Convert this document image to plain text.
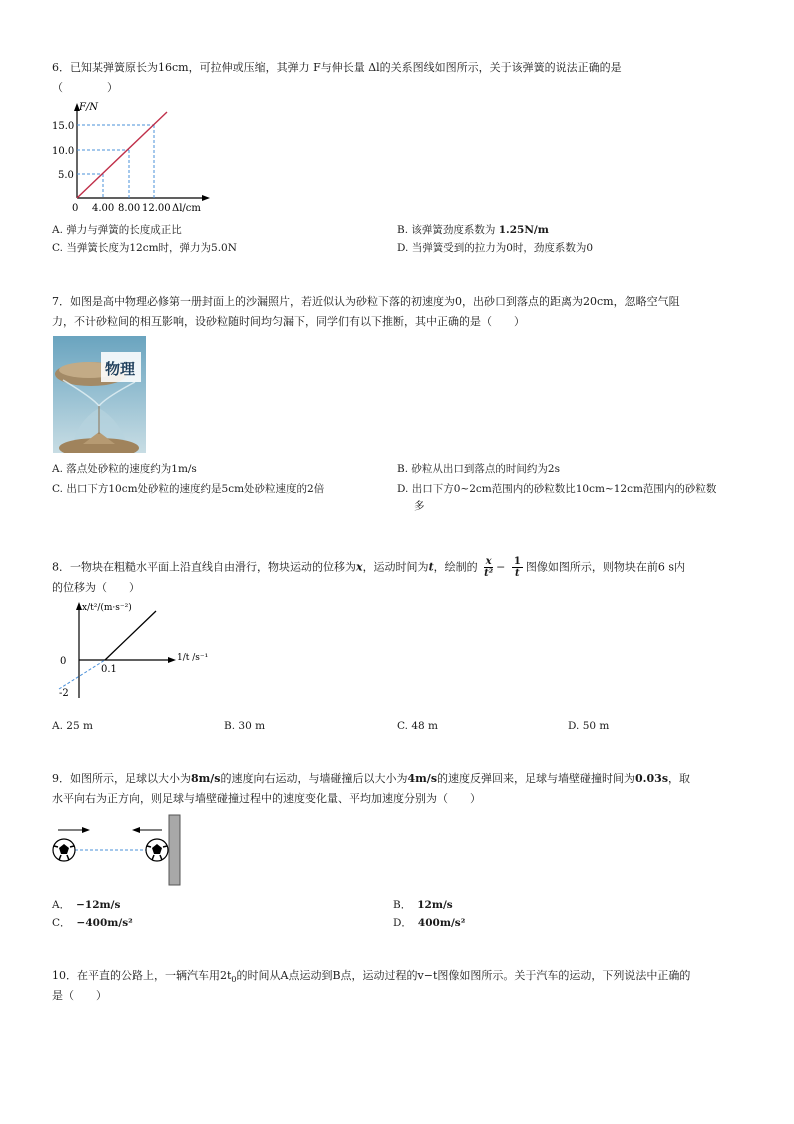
6．已知某弹簧原长为16cm，可拉伸或压缩，其弹力 F与伸长量 Δl的关系图线如图所示，关于该弹簧的说法正确的是
（　　　　）
F/N
15.0
10.0
5.0
0 4.00 8.00 12.00 Δl/cm
A. 弹力与弹簧的长度成正比	B. 该弹簧劲度系数为 1.25N/m
C. 当弹簧长度为12cm时，弹力为5.0N	D. 当弹簧受到的拉力为0时，劲度系数为0
7．如图是高中物理必修第一册封面上的沙漏照片，若近似认为砂粒下落的初速度为0，出砂口到落点的距离为20cm，忽略空气阻
力，不计砂粒间的相互影响，设砂粒随时间均匀漏下，同学们有以下推断，其中正确的是（　　）
物理
A. 落点处砂粒的速度约为1m/s	B. 砂粒从出口到落点的时间约为2s
C. 出口下方10cm处砂粒的速度约是5cm处砂粒速度的2倍	D. 出口下方0~2cm范围内的砂粒数比10cm~12cm范围内的砂粒数
多
8．一物块在粗糙水平面上沿直线自由滑行，物块运动的位移为x，运动时间为t，绘制的 $\frac{x}{\text{t²}} - \frac{1}{t}$ 图像如图所示，则物块在前6 s内
的位移为（　　）
x/t²/(m·s⁻²)
0
0.1
-2
1/t /s⁻¹
A. 25 m	B. 30 m	C. 48 m	D. 50 m
9．如图所示，足球以大小为8m/s的速度向右运动，与墙碰撞后以大小为4m/s的速度反弹回来，足球与墙壁碰撞时间为0.03s，取
水平向右为正方向，则足球与墙壁碰撞过程中的速度变化量、平均加速度分别为（　　）
A． −12m/s	B． 12m/s
C． −400m/s²	D． 400m/s²
10．在平直的公路上，一辆汽车用$2t_0$的时间从A点运动到B点，运动过程的v−t图像如图所示。关于汽车的运动，下列说法中正确的
是（　　）
